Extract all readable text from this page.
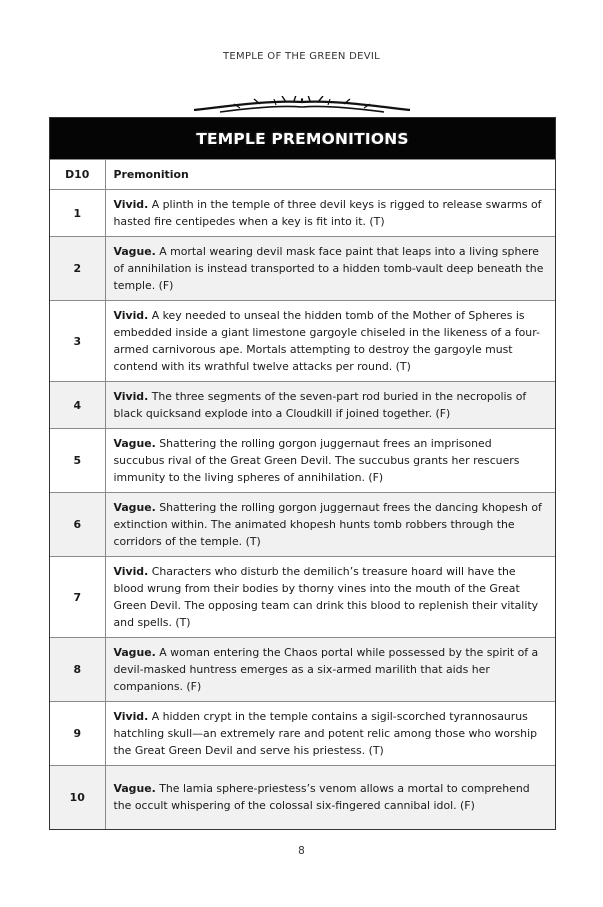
TEMPLE OF THE GREEN DEVIL
TEMPLE PREMONITIONS
D10	Premonition
1	Vivid. A plinth in the temple of three devil keys is rigged to release swarms of hasted fire centipedes when a key is fit into it. (T)
2	Vague. A mortal wearing devil mask face paint that leaps into a living sphere of annihilation is instead transported to a hidden tomb-vault deep beneath the temple. (F)
3	Vivid. A key needed to unseal the hidden tomb of the Mother of Spheres is embedded inside a giant limestone gargoyle chiseled in the likeness of a four-armed carnivorous ape. Mortals attempting to destroy the gargoyle must contend with its wrathful twelve attacks per round. (T)
4	Vivid. The three segments of the seven-part rod buried in the necropolis of black quicksand explode into a Cloudkill if joined together. (F)
5	Vague. Shattering the rolling gorgon juggernaut frees an imprisoned succubus rival of the Great Green Devil. The succubus grants her rescuers immunity to the living spheres of annihilation. (F)
6	Vague. Shattering the rolling gorgon juggernaut frees the dancing khopesh of extinction within. The animated khopesh hunts tomb robbers through the corridors of the temple. (T)
7	Vivid. Characters who disturb the demilich’s treasure hoard will have the blood wrung from their bodies by thorny vines into the mouth of the Great Green Devil. The opposing team can drink this blood to replenish their vitality and spells. (T)
8	Vague. A woman entering the Chaos portal while possessed by the spirit of a devil-masked huntress emerges as a six-armed marilith that aids her companions. (F)
9	Vivid. A hidden crypt in the temple contains a sigil-scorched tyrannosaurus hatchling skull—an extremely rare and potent relic among those who worship the Great Green Devil and serve his priestess. (T)
10	Vague. The lamia sphere-priestess’s venom allows a mortal to comprehend the occult whispering of the colossal six-fingered cannibal idol. (F)
8
